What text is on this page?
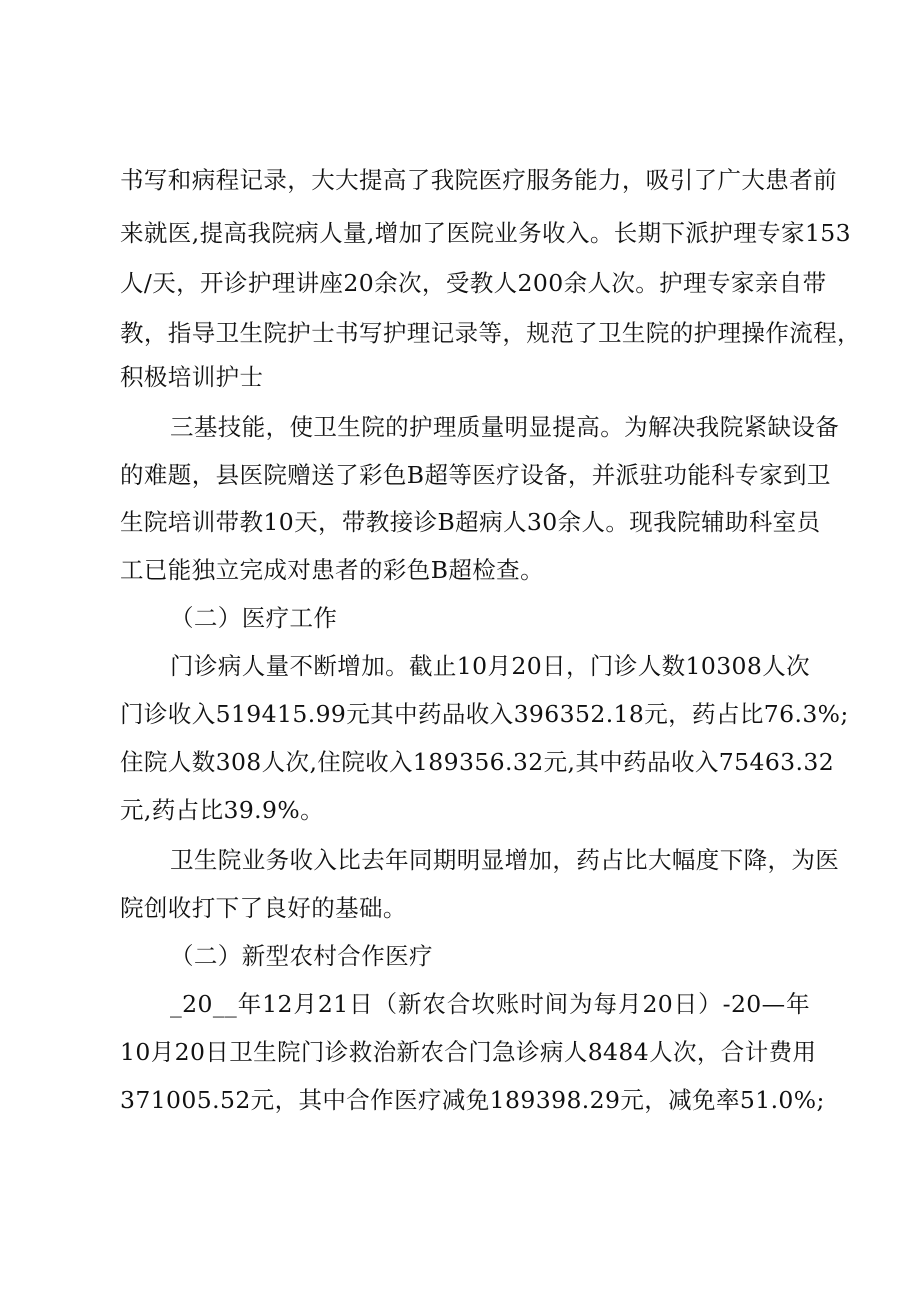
书写和病程记录，大大提高了我院医疗服务能力，吸引了广大患者前
来就医,提高我院病人量,增加了医院业务收入。长期下派护理专家153
人/天，开诊护理讲座20余次，受教人200余人次。护理专家亲自带
教，指导卫生院护士书写护理记录等，规范了卫生院的护理操作流程，
积极培训护士
三基技能，使卫生院的护理质量明显提高。为解决我院紧缺设备
的难题，县医院赠送了彩色B超等医疗设备，并派驻功能科专家到卫
生院培训带教10天，带教接诊B超病人30余人。现我院辅助科室员
工已能独立完成对患者的彩色B超检查。
（二）医疗工作
门诊病人量不断增加。截止10月20日，门诊人数10308人次
门诊收入519415.99元其中药品收入396352.18元，药占比76.3%;
住院人数308人次,住院收入189356.32元,其中药品收入75463.32
元,药占比39.9%。
卫生院业务收入比去年同期明显增加，药占比大幅度下降，为医
院创收打下了良好的基础。
（二）新型农村合作医疗
_20__年12月21日（新农合坎账时间为每月20日）-20—年
10月20日卫生院门诊救治新农合门急诊病人8484人次，合计费用
371005.52元，其中合作医疗减免189398.29元，减免率51.0%;
